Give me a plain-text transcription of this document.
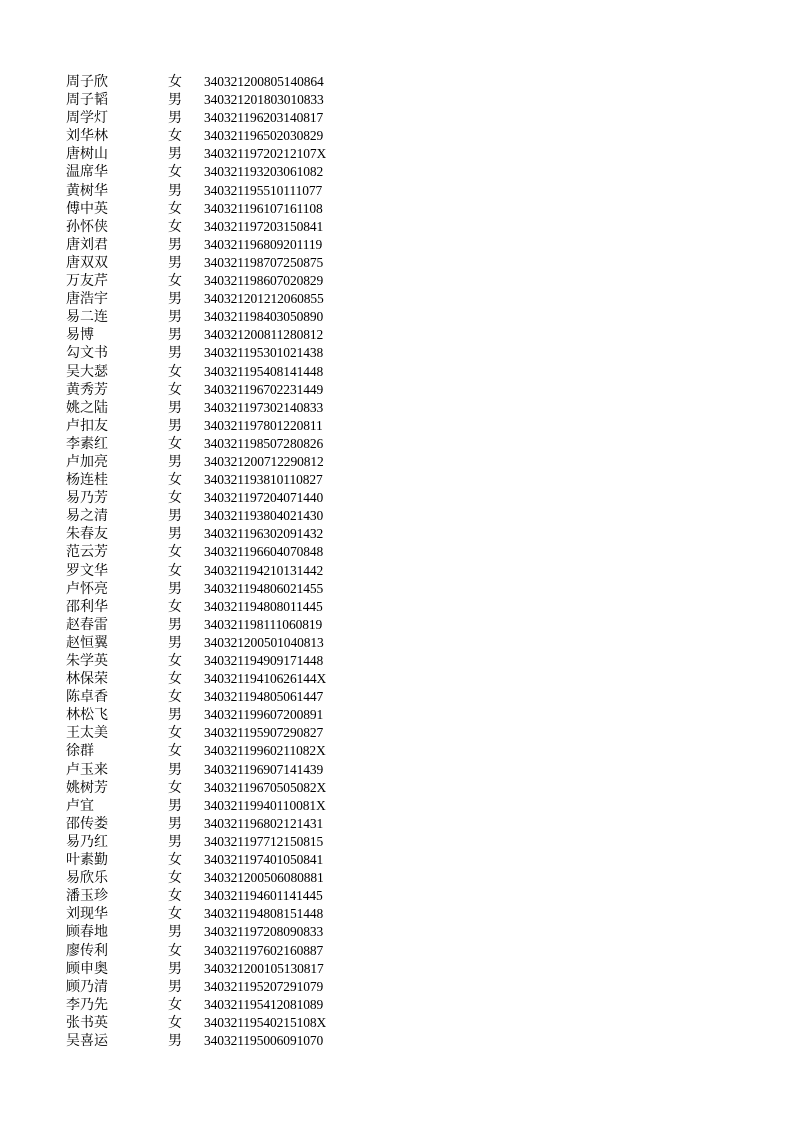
周子欣	女 340321200805140864
周子韬	男 340321201803010833
周学灯	男 340321196203140817
刘华林	女 340321196502030829
唐树山	男 34032119720212107X
温席华	女 340321193203061082
黄树华	男 340321195510111077
傅中英	女 340321196107161108
孙怀侠	女 340321197203150841
唐刘君	男 340321196809201119
唐双双	男 340321198707250875
万友芹	女 340321198607020829
唐浩宇	男 340321201212060855
易二连	男 340321198403050890
易博	男 340321200811280812
勾文书	男 340321195301021438
吴大瑟	女 340321195408141448
黄秀芳	女 340321196702231449
姚之陆	男 340321197302140833
卢扣友	男 340321197801220811
李素红	女 340321198507280826
卢加亮	男 340321200712290812
杨连桂	女 340321193810110827
易乃芳	女 340321197204071440
易之清	男 340321193804021430
朱春友	男 340321196302091432
范云芳	女 340321196604070848
罗文华	女 340321194210131442
卢怀亮	男 340321194806021455
邵利华	女 340321194808011445
赵春雷	男 340321198111060819
赵恒翼	男 340321200501040813
朱学英	女 340321194909171448
林保荣	女 34032119410626144X
陈卓香	女 340321194805061447
林松飞	男 340321199607200891
王太美	女 340321195907290827
徐群	女 34032119960211082X
卢玉来	男 340321196907141439
姚树芳	女 34032119670505082X
卢宜	男 34032119940110081X
邵传娄	男 340321196802121431
易乃红	男 340321197712150815
叶素勤	女 340321197401050841
易欣乐	女 340321200506080881
潘玉珍	女 340321194601141445
刘现华	女 340321194808151448
顾春地	男 340321197208090833
廖传利	女 340321197602160887
顾申奥	男 340321200105130817
顾乃清	男 340321195207291079
李乃先	女 340321195412081089
张书英	女 34032119540215108X
吴喜运	男 340321195006091070
